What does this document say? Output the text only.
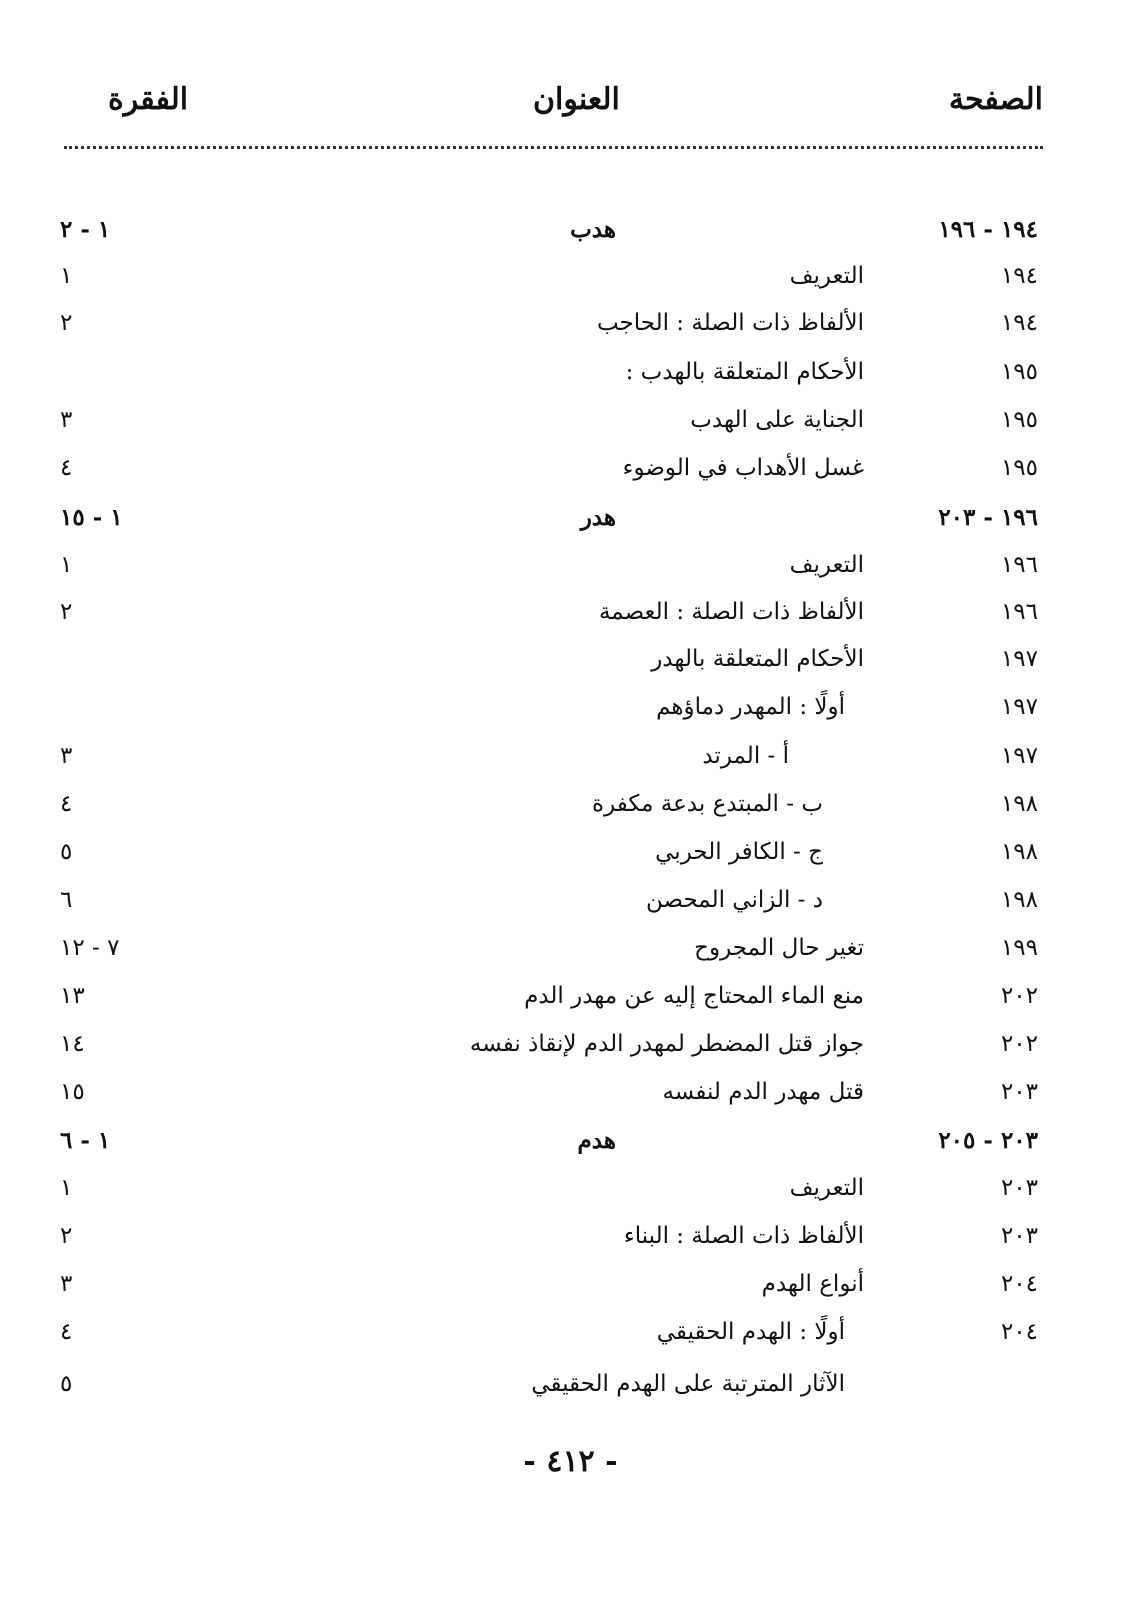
الصفحة
العنوان
الفقرة
١٩٤ - ١٩٦
هدب
١ - ٢
١٩٤
التعريف
١
١٩٤
الألفاظ ذات الصلة : الحاجب
٢
١٩٥
الأحكام المتعلقة بالهدب :
١٩٥
الجناية على الهدب
٣
١٩٥
غسل الأهداب في الوضوء
٤
١٩٦ - ٢٠٣
هدر
١ - ١٥
١٩٦
التعريف
١
١٩٦
الألفاظ ذات الصلة : العصمة
٢
١٩٧
الأحكام المتعلقة بالهدر
١٩٧
أولًا : المهدر دماؤهم
١٩٧
أ - المرتد
٣
١٩٨
ب - المبتدع بدعة مكفرة
٤
١٩٨
ج - الكافر الحربي
٥
١٩٨
د - الزاني المحصن
٦
١٩٩
تغير حال المجروح
٧ - ١٢
٢٠٢
منع الماء المحتاج إليه عن مهدر الدم
١٣
٢٠٢
جواز قتل المضطر لمهدر الدم لإنقاذ نفسه
١٤
٢٠٣
قتل مهدر الدم لنفسه
١٥
٢٠٣ - ٢٠٥
هدم
١ - ٦
٢٠٣
التعريف
١
٢٠٣
الألفاظ ذات الصلة : البناء
٢
٢٠٤
أنواع الهدم
٣
٢٠٤
أولًا : الهدم الحقيقي
٤
الآثار المترتبة على الهدم الحقيقي
٥
- ٤١٢ -
